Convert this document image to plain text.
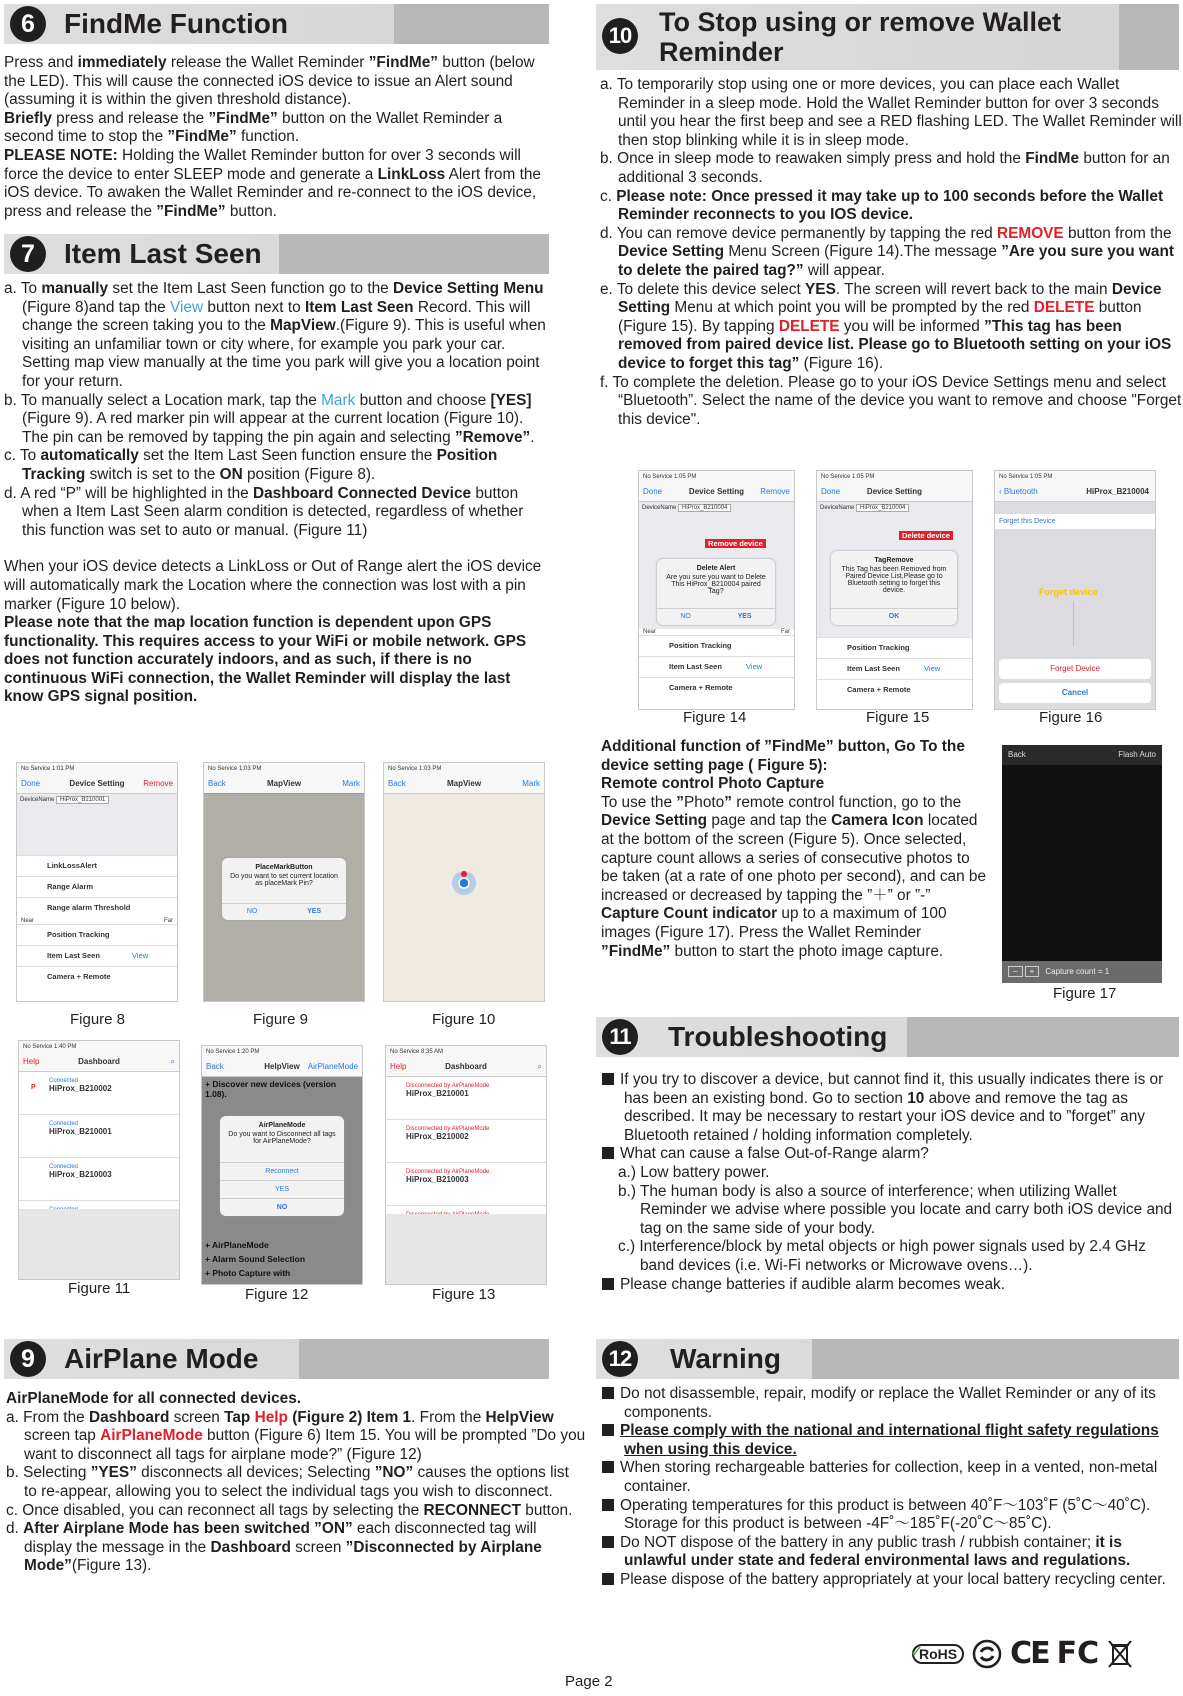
6	FindMe Function

Press and immediately release the Wallet Reminder ”FindMe” button (below the LED). This will cause the connected iOS device to issue an Alert sound (assuming it is within the given threshold distance).

Briefly press and release the ”FindMe” button on the Wallet Reminder a second time to stop the ”FindMe” function.

PLEASE NOTE: Holding the Wallet Reminder button for over 3 seconds will force the device to enter SLEEP mode and generate a LinkLoss Alert from the iOS device. To awaken the Wallet Reminder and re-connect to the iOS device, press and release the ”FindMe” button.

7	Item Last Seen

a. To manually set the Item Last Seen function go to the Device Setting Menu (Figure 8)and tap the View button next to Item Last Seen Record. This will change the screen taking you to the MapView.(Figure 9). This is useful when visiting an unfamiliar town or city where, for example you park your car. Setting map view manually at the time you park will give you a location point for your return.

b. To manually select a Location mark, tap the Mark button and choose [YES](Figure 9). A red marker pin will appear at the current location (Figure 10). The pin can be removed by tapping the pin again and selecting ”Remove”.

c. To automatically set the Item Last Seen function ensure the Position Tracking switch is set to the ON position (Figure 8).

d. A red “P” will be highlighted in the Dashboard Connected Device button when a Item Last Seen alarm condition is detected, regardless of whether this function was set to auto or manual. (Figure 11)

When your iOS device detects a LinkLoss or Out of Range alert the iOS device will automatically mark the Location where the connection was lost with a pin marker (Figure 10 below).

Please note that the map location function is dependent upon GPS functionality. This requires access to your WiFi or mobile network. GPS does not function accurately indoors, and as such, if there is no continuous WiFi connection, the Wallet Reminder will display the last know GPS signal position.

No Service 1:01 PM
Done	Device Setting Remove
DeviceName HiProx_B210001
LinkLossAlert
Range Alarm
Range alarm Threshold
Near	Far
Position Tracking
Item Last Seen	View
Camera + Remote
No Service 1:03 PM
Back	MapView	Mark
PlaceMarkButton
Do you want to set current location as placeMark Pin?
NO	YES
No Service 1:03 PM
Back	MapView	Mark
Figure 8	Figure 9	Figure 10
No Service 1:40 PM
Help	Dashboard	⌕
Connected
HiProx_B210002
P
Connected
HiProx_B210001
Connected
HiProx_B210003
No Service 1:20 PM
Back	HelpView AirPlaneMode
+ Discover new devices (version 1.08).
AirPlaneMode
Do you want to Disconnect all tags for AirPlaneMode?
Reconnect
YES
NO
+ AirPlaneMode
+ Alarm Sound Selection
+ Photo Capture with
No Service 8:35 AM
Help	Dashboard	⌕
Disconnected by AirPlaneMode
HiProx_B210001
Disconnected by AirPlaneMode
HiProx_B210002
Disconnected by AirPlaneMode
HiProx_B210003
Figure 11	Figure 12	Figure 13
9	AirPlane Mode

AirPlaneMode for all connected devices.

a. From the Dashboard screen Tap Help (Figure 2) Item 1. From the HelpView screen tap AirPlaneMode button (Figure 6) Item 15. You will be prompted ”Do you want to disconnect all tags for airplane mode?” (Figure 12)

b. Selecting ”YES” disconnects all devices; Selecting ”NO” causes the options list to re-appear, allowing you to select the individual tags you wish to disconnect.

c. Once disabled, you can reconnect all tags by selecting the RECONNECT button.

d. After Airplane Mode has been switched ”ON” each disconnected tag will display the message in the Dashboard screen ”Disconnected by Airplane Mode”(Figure 13).

10 To Stop using or remove Wallet
Reminder

a. To temporarily stop using one or more devices, you can place each Wallet Reminder in a sleep mode. Hold the Wallet Reminder button for over 3 seconds until you hear the first beep and see a RED flashing LED. The Wallet Reminder will then stop blinking while it is in sleep mode.

b. Once in sleep mode to reawaken simply press and hold the FindMe button for an additional 3 seconds.

c. Please note: Once pressed it may take up to 100 seconds before the Wallet Reminder reconnects to you IOS device.

d. You can remove device permanently by tapping the red REMOVE button from the Device Setting Menu Screen (Figure 14).The message ”Are you sure you want to delete the paired tag?” will appear.

e. To delete this device select YES. The screen will revert back to the main Device Setting Menu at which point you will be prompted by the red DELETE button (Figure 15). By tapping DELETE you will be informed ”This tag has been removed from paired device list. Please go to Bluetooth setting on your iOS device to forget this tag” (Figure 16).

f. To complete the deletion. Please go to your iOS Device Settings menu and select “Bluetooth”. Select the name of the device you want to remove and choose "Forget this device".

No Service 1:05 PM
Done	Device Setting Remove
DeviceName HiProx_B210004
Remove device
Delete Alert
Are you sure you want to Delete This HiProx_B210004 paired Tag?
NO	YES
Near	Far
Position Tracking
Item Last Seen	View
Camera + Remote
No Service 1:05 PM
Done	Device Setting
DeviceName HiProx_B210004
Delete device
TagRemove
This Tag has been Removed from Paired Device List,Please go to Bluetooth setting to forget this device.
OK
Position Tracking
Item Last Seen	View
Camera + Remote
No Service 1:05 PM
‹ Bluetooth	HiProx_B210004
Forget this Device
Forget device
Forget Device
Cancel
Figure 14	Figure 15	Figure 16

Additional function of ”FindMe” button, Go To the device setting page ( Figure 5):

Remote control Photo Capture

To use the ”Photo” remote control function, go to the Device Setting page and tap the Camera Icon located at the bottom of the screen (Figure 5). Once selected, capture count allows a series of consecutive photos to be taken (at a rate of one photo per second), and can be increased or decreased by tapping the ”＋” or ”-” Capture Count indicator up to a maximum of 100 images (Figure 17). Press the Wallet Reminder ”FindMe” button to start the photo image capture.

Back	Flash Auto
− + Capture count = 1
Figure 17
11 Troubleshooting

If you try to discover a device, but cannot find it, this usually indicates there is or has been an existing bond. Go to section 10 above and remove the tag as described. It may be necessary to restart your iOS device and to ”forget” any Bluetooth retained / holding information completely.

What can cause a false Out-of-Range alarm?

a.) Low battery power.

b.) The human body is also a source of interference; when utilizing Wallet Reminder we advise where possible you locate and carry both iOS device and tag on the same side of your body.

c.) Interference/block by metal objects or high power signals used by 2.4 GHz band devices (i.e. Wi-Fi networks or Microwave ovens…).

Please change batteries if audible alarm becomes weak.

12 Warning

Do not disassemble, repair, modify or replace the Wallet Reminder or any of its components.

Please comply with the national and international flight safety regulations when using this device.

When storing rechargeable batteries for collection, keep in a vented, non-metal container.

Operating temperatures for this product is between 40˚F～103˚F (5˚C～40˚C). Storage for this product is between -4F˚～185˚F(-20˚C～85˚C).

Do NOT dispose of the battery in any public trash / rubbish container; it is unlawful under state and federal environmental laws and regulations.

Please dispose of the battery appropriately at your local battery recycling center.

✓
RoHS CE FC
Page 2
